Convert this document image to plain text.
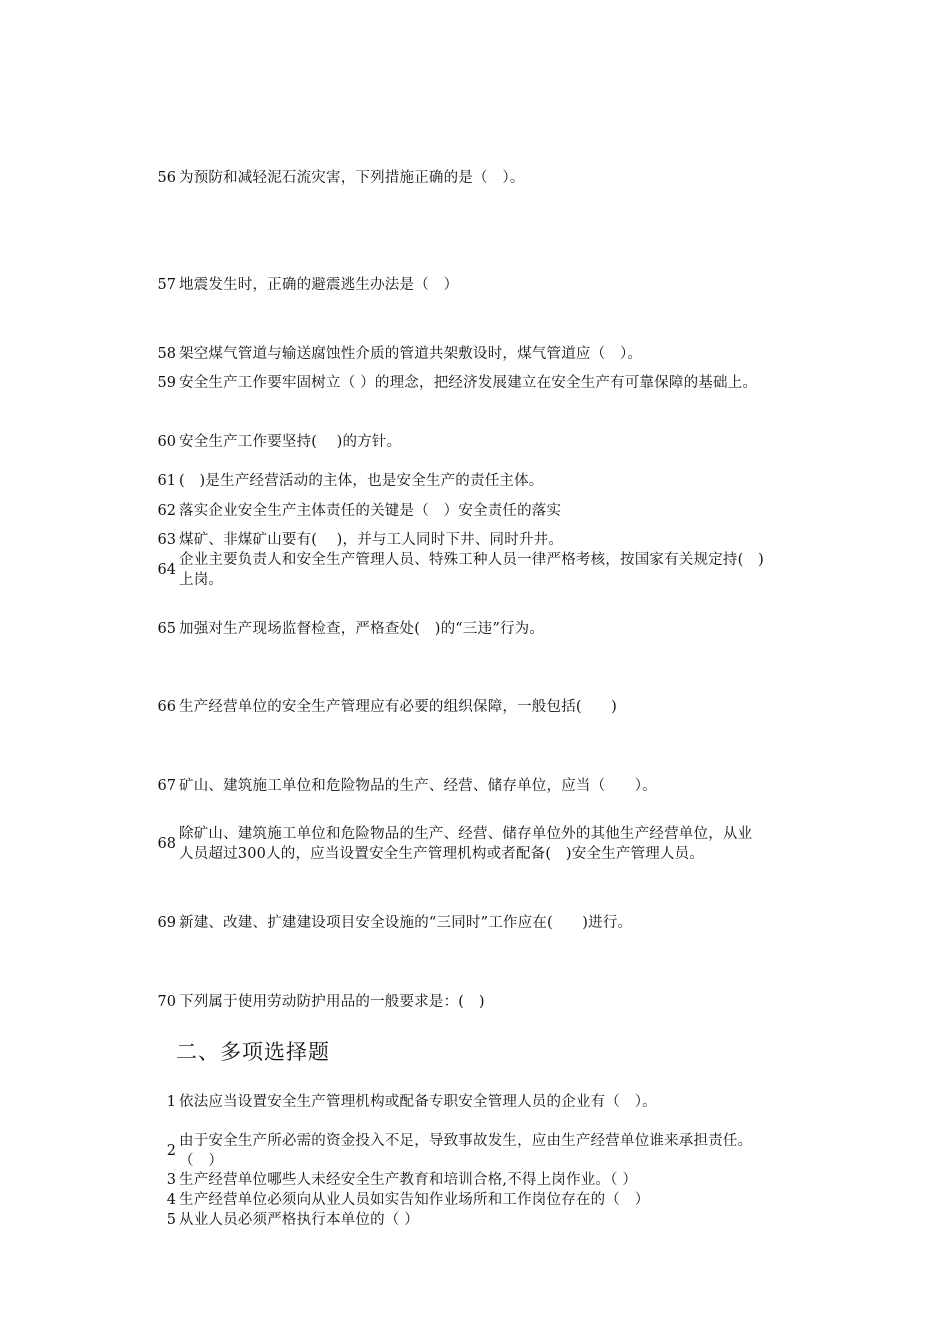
56 为预防和减轻泥石流灾害，下列措施正确的是（　）。
57 地震发生时，正确的避震逃生办法是（　）
58 架空煤气管道与输送腐蚀性介质的管道共架敷设时，煤气管道应（　）。
59 安全生产工作要牢固树立（ ）的理念，把经济发展建立在安全生产有可靠保障的基础上。
60 安全生产工作要坚持(　 )的方针。
61 (　)是生产经营活动的主体，也是安全生产的责任主体。
62 落实企业安全生产主体责任的关键是（　）安全责任的落实
63 煤矿、非煤矿山要有(　 )，并与工人同时下井、同时升井。
64
企业主要负责人和安全生产管理人员、特殊工种人员一律严格考核，按国家有关规定持(　)上岗。
65 加强对生产现场监督检查，严格查处(　)的“三违”行为。
66 生产经营单位的安全生产管理应有必要的组织保障，一般包括(　　)
67 矿山、建筑施工单位和危险物品的生产、经营、储存单位，应当（　　）。
68
除矿山、建筑施工单位和危险物品的生产、经营、储存单位外的其他生产经营单位，从业人员超过300人的，应当设置安全生产管理机构或者配备(　)安全生产管理人员。
69 新建、改建、扩建建设项目安全设施的“三同时”工作应在(　　)进行。
70 下列属于使用劳动防护用品的一般要求是：(　)
二、多项选择题
1 依法应当设置安全生产管理机构或配备专职安全管理人员的企业有（　）。
2
由于安全生产所必需的资金投入不足，导致事故发生，应由生产经营单位谁来承担责任。（　）
3 生产经营单位哪些人未经安全生产教育和培训合格,不得上岗作业。（ ）
4 生产经营单位必须向从业人员如实告知作业场所和工作岗位存在的（　）
5 从业人员必须严格执行本单位的（ ）
